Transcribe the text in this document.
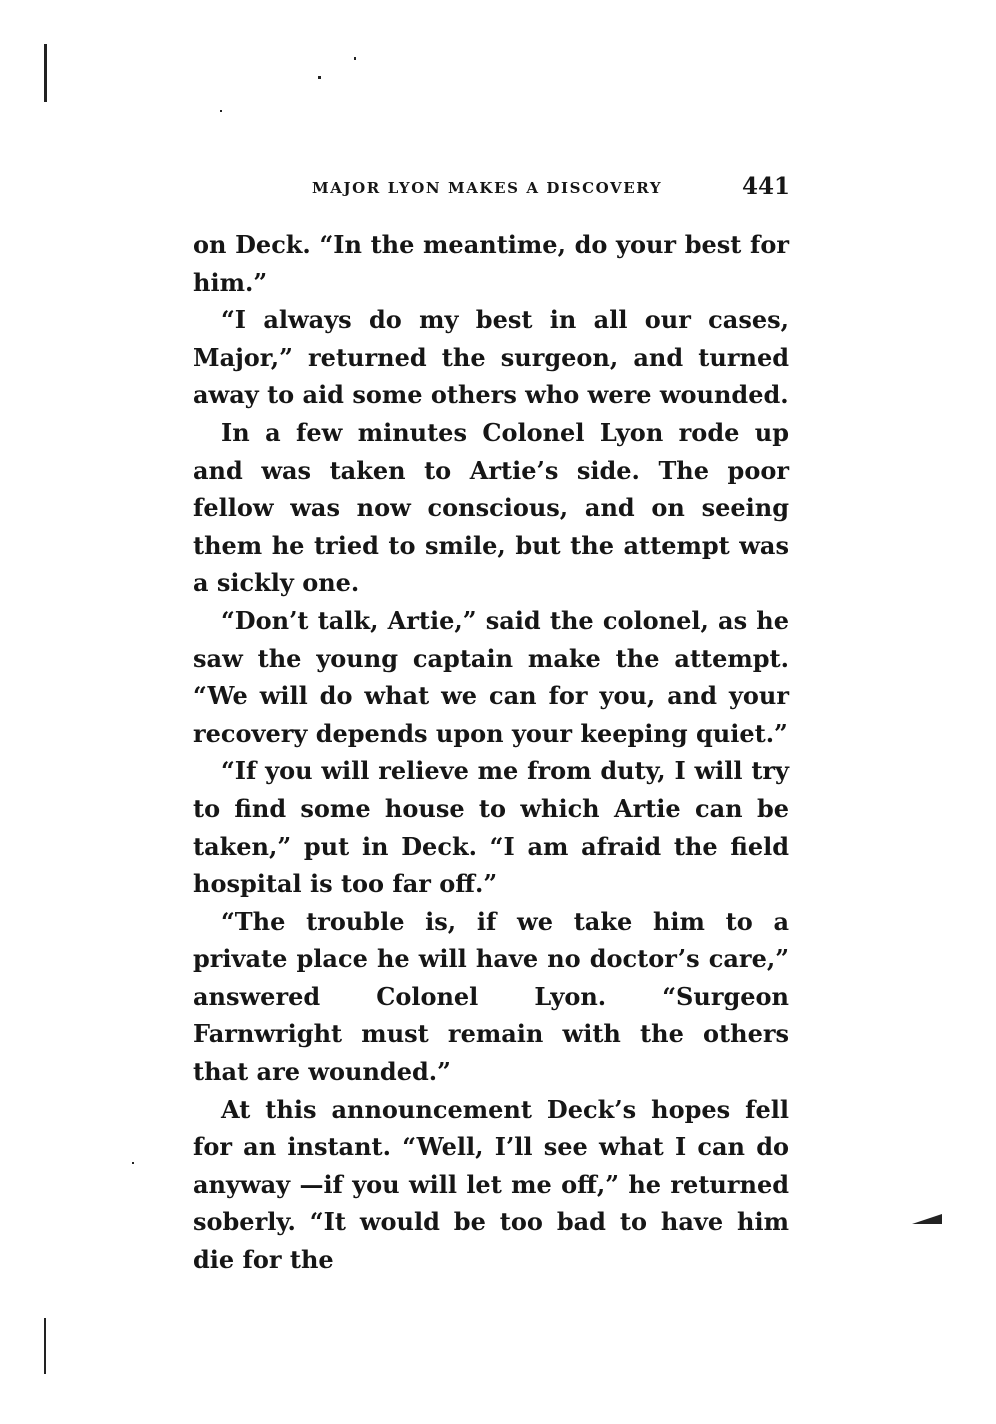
MAJOR LYON MAKES A DISCOVERY	441

on Deck. “In the meantime, do your best for him.”

“I always do my best in all our cases, Major,” returned the surgeon, and turned away to aid some others who were wounded.

In a few minutes Colonel Lyon rode up and was taken to Artie’s side. The poor fellow was now conscious, and on seeing them he tried to smile, but the attempt was a sickly one.

“Don’t talk, Artie,” said the colonel, as he saw the young captain make the attempt. “We will do what we can for you, and your recovery depends upon your keeping quiet.”

“If you will relieve me from duty, I will try to find some house to which Artie can be taken,” put in Deck. “I am afraid the field hospital is too far off.”

“The trouble is, if we take him to a private place he will have no doctor’s care,” answered Colonel Lyon. “Surgeon Farnwright must remain with the others that are wounded.”

At this announcement Deck’s hopes fell for an instant. “Well, I’ll see what I can do anyway —if you will let me off,” he returned soberly. “It would be too bad to have him die for the
